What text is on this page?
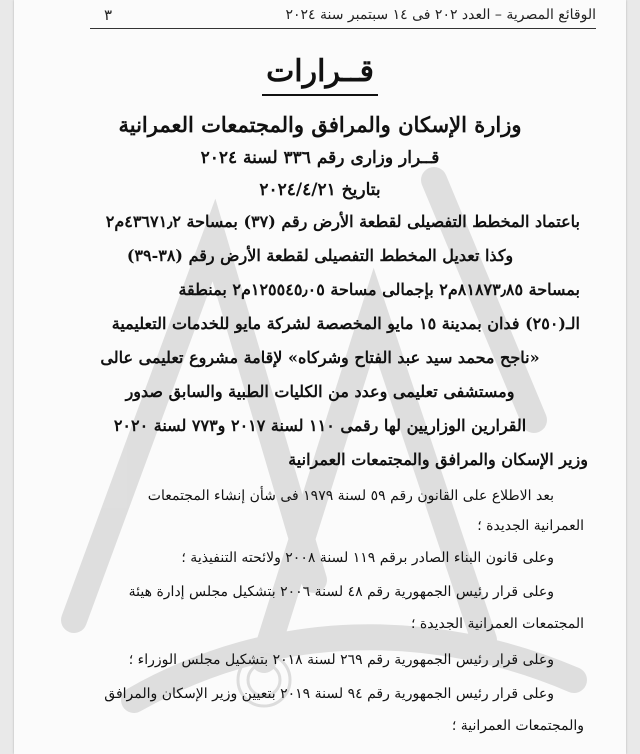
الوقائع المصرية – العدد ٢٠٢ فى ١٤ سبتمبر سنة ٢٠٢٤
٣
قــرارات
وزارة الإسكان والمرافق والمجتمعات العمرانية
قــرار وزارى رقم ٣٣٦ لسنة ٢٠٢٤
بتاريخ ٢٠٢٤/٤/٢١
باعتماد المخطط التفصيلى لقطعة الأرض رقم (٣٧) بمساحة ٤٣٦٧١٫٢م٢
وكذا تعديل المخطط التفصيلى لقطعة الأرض رقم (٣٨-٣٩)
بمساحة ٨١٨٧٣٫٨٥م٢ بإجمالى مساحة ١٢٥٥٤٥٫٠٥م٢ بمنطقة
الـ(٢٥٠) فدان بمدينة ١٥ مايو المخصصة لشركة مايو للخدمات التعليمية
«ناجح محمد سيد عبد الفتاح وشركاه» لإقامة مشروع تعليمى عالى
ومستشفى تعليمى وعدد من الكليات الطبية والسابق صدور
القرارين الوزاريين لها رقمى ١١٠ لسنة ٢٠١٧ و٧٧٣ لسنة ٢٠٢٠
وزير الإسكان والمرافق والمجتمعات العمرانية
بعد الاطلاع على القانون رقم ٥٩ لسنة ١٩٧٩ فى شأن إنشاء المجتمعات
العمرانية الجديدة ؛
وعلى قانون البناء الصادر برقم ١١٩ لسنة ٢٠٠٨ ولائحته التنفيذية ؛
وعلى قرار رئيس الجمهورية رقم ٤٨ لسنة ٢٠٠٦ بتشكيل مجلس إدارة هيئة
المجتمعات العمرانية الجديدة ؛
وعلى قرار رئيس الجمهورية رقم ٢٦٩ لسنة ٢٠١٨ بتشكيل مجلس الوزراء ؛
وعلى قرار رئيس الجمهورية رقم ٩٤ لسنة ٢٠١٩ بتعيين وزير الإسكان والمرافق
والمجتمعات العمرانية ؛
